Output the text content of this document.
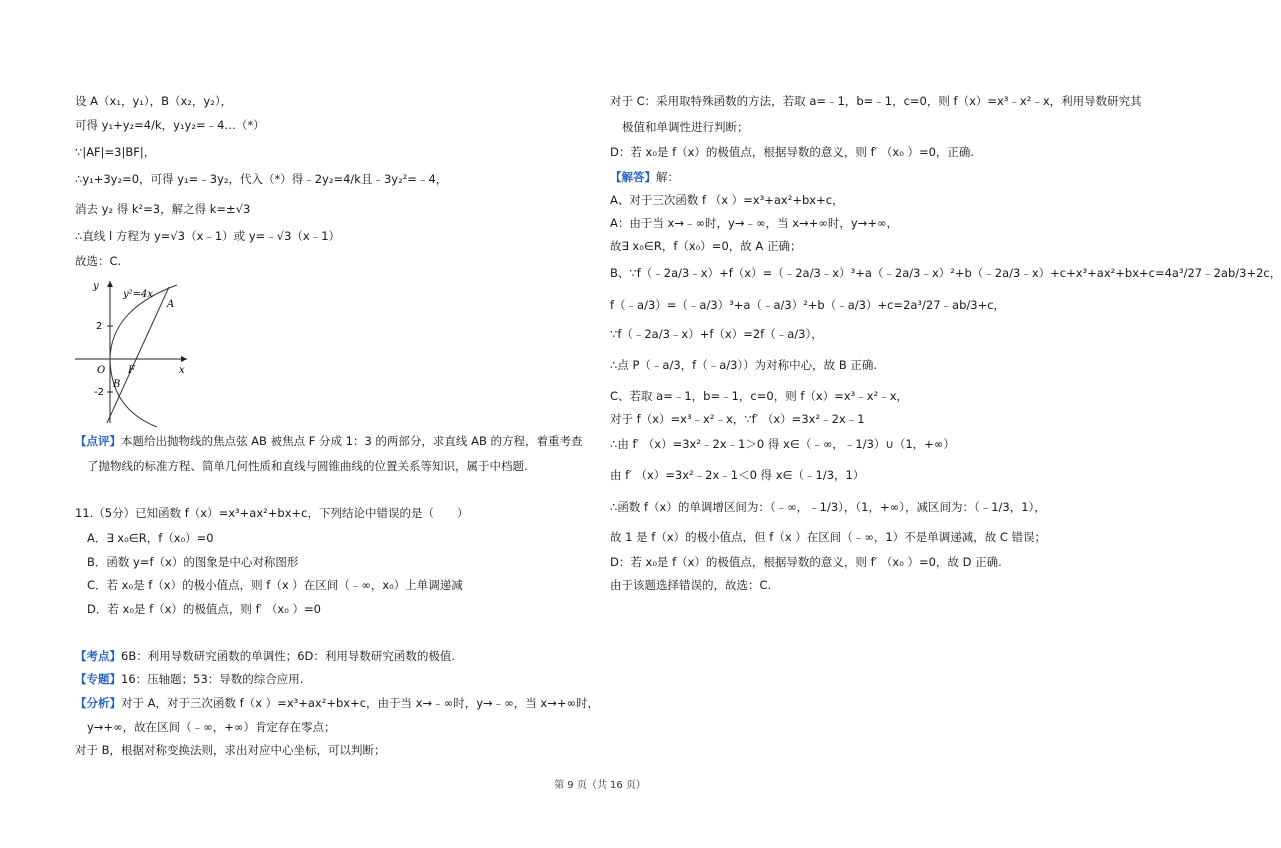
设 A（x₁，y₁），B（x₂，y₂），
可得 y₁+y₂=4/k，y₁y₂=﹣4…（*）
∵|AF|=3|BF|，
∴y₁+3y₂=0，可得 y₁=﹣3y₂，代入（*）得﹣2y₂=4/k且﹣3y₂²=﹣4，
消去 y₂ 得 k²=3，解之得 k=±√3
∴直线 l 方程为 y=√3（x﹣1）或 y=﹣√3（x﹣1）
故选：C.
y
x
y²=4x
2
-2
O F
A
B
【点评】本题给出抛物线的焦点弦 AB 被焦点 F 分成 1：3 的两部分，求直线 AB 的方程，着重考查
了抛物线的标准方程、简单几何性质和直线与圆锥曲线的位置关系等知识，属于中档题.
11.（5分）已知函数 f（x）=x³+ax²+bx+c，下列结论中错误的是（　　）
A．∃ x₀∈R，f（x₀）=0
B．函数 y=f（x）的图象是中心对称图形
C．若 x₀是 f（x）的极小值点，则 f（x ）在区间（﹣∞，x₀）上单调递减
D．若 x₀是 f（x）的极值点，则 f′ （x₀ ）=0
【考点】6B：利用导数研究函数的单调性；6D：利用导数研究函数的极值.
【专题】16：压轴题；53：导数的综合应用.
【分析】对于 A，对于三次函数 f（x ）=x³+ax²+bx+c，由于当 x→﹣∞时，y→﹣∞，当 x→+∞时，
y→+∞，故在区间（﹣∞，+∞）肯定存在零点；
对于 B，根据对称变换法则，求出对应中心坐标，可以判断；
对于 C：采用取特殊函数的方法，若取 a=﹣1，b=﹣1，c=0，则 f（x）=x³﹣x²﹣x，利用导数研究其
极值和单调性进行判断；
D：若 x₀是 f（x）的极值点，根据导数的意义，则 f′ （x₀ ）=0，正确.
【解答】解：
A、对于三次函数 f （x ）=x³+ax²+bx+c，
A：由于当 x→﹣∞时，y→﹣∞，当 x→+∞时，y→+∞，
故∃ x₀∈R，f（x₀）=0，故 A 正确；
B、∵f（﹣2a/3﹣x）+f（x）=（﹣2a/3﹣x）³+a（﹣2a/3﹣x）²+b（﹣2a/3﹣x）+c+x³+ax²+bx+c=4a³/27﹣2ab/3+2c，
f（﹣a/3）=（﹣a/3）³+a（﹣a/3）²+b（﹣a/3）+c=2a³/27﹣ab/3+c，
∵f（﹣2a/3﹣x）+f（x）=2f（﹣a/3），
∴点 P（﹣a/3，f（﹣a/3））为对称中心，故 B 正确.
C、若取 a=﹣1，b=﹣1，c=0，则 f（x）=x³﹣x²﹣x，
对于 f（x）=x³﹣x²﹣x，∵f′ （x）=3x²﹣2x﹣1
∴由 f′ （x）=3x²﹣2x﹣1＞0 得 x∈（﹣∞，﹣1/3）∪（1，+∞）
由 f′ （x）=3x²﹣2x﹣1＜0 得 x∈（﹣1/3，1）
∴函数 f（x）的单调增区间为：（﹣∞，﹣1/3），（1，+∞），减区间为：（﹣1/3，1），
故 1 是 f（x）的极小值点，但 f（x ）在区间（﹣∞，1）不是单调递减，故 C 错误；
D：若 x₀是 f（x）的极值点，根据导数的意义，则 f′ （x₀ ）=0，故 D 正确.
由于该题选择错误的，故选：C.
第 9 页（共 16 页）
